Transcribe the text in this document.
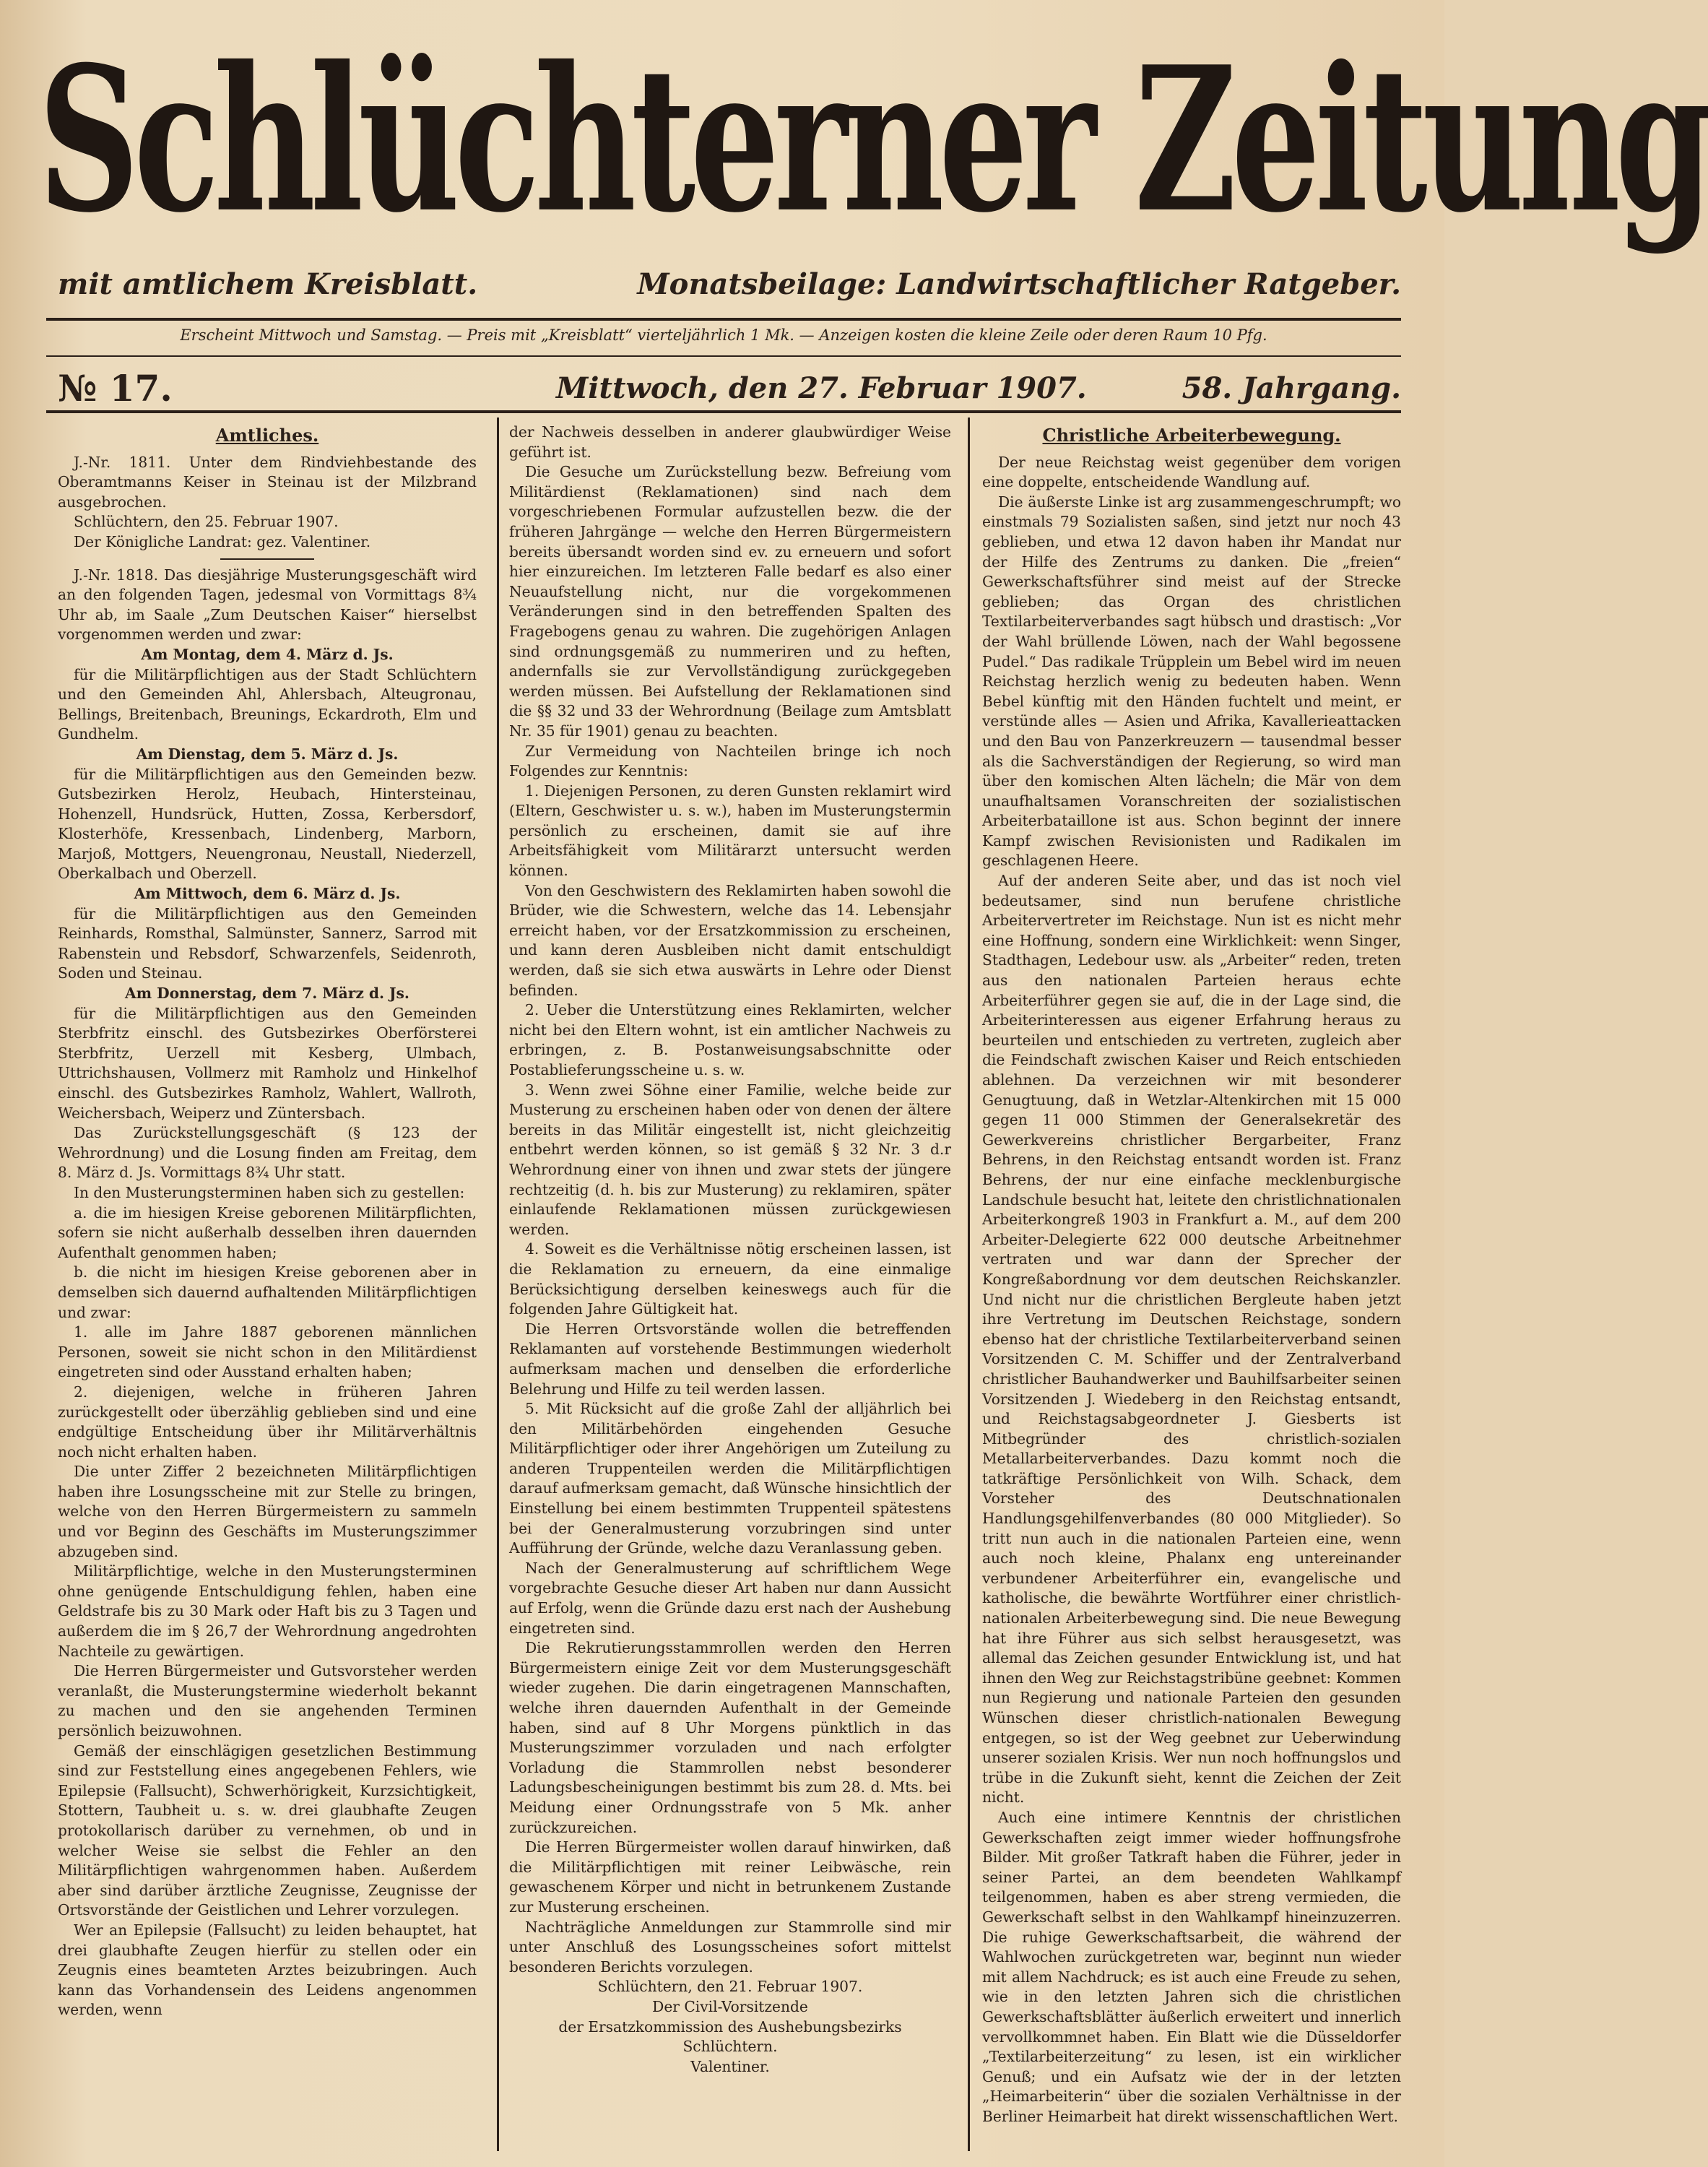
Schlüchterner Zeitung
mit amtlichem Kreisblatt.	Monatsbeilage: Landwirtschaftlicher Ratgeber.
Erscheint Mittwoch und Samstag. — Preis mit „Kreisblatt“ vierteljährlich 1 Mk. — Anzeigen kosten die kleine Zeile oder deren Raum 10 Pfg.
№ 17.	Mittwoch, den 27. Februar 1907.	58. Jahrgang.
Amtliches.

J.-Nr. 1811. Unter dem Rindviehbestande des Oberamtmanns Keiser in Steinau ist der Milzbrand ausgebrochen.

Schlüchtern, den 25. Februar 1907.

Der Königliche Landrat: gez. Valentiner.

J.-Nr. 1818. Das diesjährige Musterungsgeschäft wird an den folgenden Tagen, jedesmal von Vormittags 8¾ Uhr ab, im Saale „Zum Deutschen Kaiser“ hierselbst vorgenommen werden und zwar:

Am Montag, dem 4. März d. Js.

für die Militärpflichtigen aus der Stadt Schlüchtern und den Gemeinden Ahl, Ahlersbach, Alteugronau, Bellings, Breitenbach, Breunings, Eckardroth, Elm und Gundhelm.

Am Dienstag, dem 5. März d. Js.

für die Militärpflichtigen aus den Gemeinden bezw. Gutsbezirken Herolz, Heubach, Hintersteinau, Hohenzell, Hundsrück, Hutten, Zossa, Kerbersdorf, Klosterhöfe, Kressenbach, Lindenberg, Marborn, Marjoß, Mottgers, Neuengronau, Neustall, Niederzell, Oberkalbach und Oberzell.

Am Mittwoch, dem 6. März d. Js.

für die Militärpflichtigen aus den Gemeinden Reinhards, Romsthal, Salmünster, Sannerz, Sarrod mit Rabenstein und Rebsdorf, Schwarzenfels, Seidenroth, Soden und Steinau.

Am Donnerstag, dem 7. März d. Js.

für die Militärpflichtigen aus den Gemeinden Sterbfritz einschl. des Gutsbezirkes Oberförsterei Sterbfritz, Uerzell mit Kesberg, Ulmbach, Uttrichshausen, Vollmerz mit Ramholz und Hinkelhof einschl. des Gutsbezirkes Ramholz, Wahlert, Wallroth, Weichersbach, Weiperz und Züntersbach.

Das Zurückstellungsgeschäft (§ 123 der Wehrordnung) und die Losung finden am Freitag, dem 8. März d. Js. Vormittags 8¾ Uhr statt.

In den Musterungsterminen haben sich zu gestellen:

a. die im hiesigen Kreise geborenen Militärpflichten, sofern sie nicht außerhalb desselben ihren dauernden Aufenthalt genommen haben;

b. die nicht im hiesigen Kreise geborenen aber in demselben sich dauernd aufhaltenden Militärpflichtigen und zwar:

1. alle im Jahre 1887 geborenen männlichen Personen, soweit sie nicht schon in den Militärdienst eingetreten sind oder Ausstand erhalten haben;

2. diejenigen, welche in früheren Jahren zurückgestellt oder überzählig geblieben sind und eine endgültige Entscheidung über ihr Militärverhältnis noch nicht erhalten haben.

Die unter Ziffer 2 bezeichneten Militärpflichtigen haben ihre Losungsscheine mit zur Stelle zu bringen, welche von den Herren Bürgermeistern zu sammeln und vor Beginn des Geschäfts im Musterungszimmer abzugeben sind.

Militärpflichtige, welche in den Musterungsterminen ohne genügende Entschuldigung fehlen, haben eine Geldstrafe bis zu 30 Mark oder Haft bis zu 3 Tagen und außerdem die im § 26,7 der Wehrordnung angedrohten Nachteile zu gewärtigen.

Die Herren Bürgermeister und Gutsvorsteher werden veranlaßt, die Musterungstermine wiederholt bekannt zu machen und den sie angehenden Terminen persönlich beizuwohnen.

Gemäß der einschlägigen gesetzlichen Bestimmung sind zur Feststellung eines angegebenen Fehlers, wie Epilepsie (Fallsucht), Schwerhörigkeit, Kurzsichtigkeit, Stottern, Taubheit u. s. w. drei glaubhafte Zeugen protokollarisch darüber zu vernehmen, ob und in welcher Weise sie selbst die Fehler an den Militärpflichtigen wahrgenommen haben. Außerdem aber sind darüber ärztliche Zeugnisse, Zeugnisse der Ortsvorstände der Geistlichen und Lehrer vorzulegen.

Wer an Epilepsie (Fallsucht) zu leiden behauptet, hat drei glaubhafte Zeugen hierfür zu stellen oder ein Zeugnis eines beamteten Arztes beizubringen. Auch kann das Vorhandensein des Leidens angenommen werden, wenn

der Nachweis desselben in anderer glaubwürdiger Weise geführt ist.

Die Gesuche um Zurückstellung bezw. Befreiung vom Militärdienst (Reklamationen) sind nach dem vorgeschriebenen Formular aufzustellen bezw. die der früheren Jahrgänge — welche den Herren Bürgermeistern bereits übersandt worden sind ev. zu erneuern und sofort hier einzureichen. Im letzteren Falle bedarf es also einer Neuaufstellung nicht, nur die vorgekommenen Veränderungen sind in den betreffenden Spalten des Fragebogens genau zu wahren. Die zugehörigen Anlagen sind ordnungsgemäß zu nummeriren und zu heften, andernfalls sie zur Vervollständigung zurückgegeben werden müssen. Bei Aufstellung der Reklamationen sind die §§ 32 und 33 der Wehrordnung (Beilage zum Amtsblatt Nr. 35 für 1901) genau zu beachten.

Zur Vermeidung von Nachteilen bringe ich noch Folgendes zur Kenntnis:

1. Diejenigen Personen, zu deren Gunsten reklamirt wird (Eltern, Geschwister u. s. w.), haben im Musterungstermin persönlich zu erscheinen, damit sie auf ihre Arbeitsfähigkeit vom Militärarzt untersucht werden können.

Von den Geschwistern des Reklamirten haben sowohl die Brüder, wie die Schwestern, welche das 14. Lebensjahr erreicht haben, vor der Ersatzkommission zu erscheinen, und kann deren Ausbleiben nicht damit entschuldigt werden, daß sie sich etwa auswärts in Lehre oder Dienst befinden.

2. Ueber die Unterstützung eines Reklamirten, welcher nicht bei den Eltern wohnt, ist ein amtlicher Nachweis zu erbringen, z. B. Postanweisungsabschnitte oder Postablieferungsscheine u. s. w.

3. Wenn zwei Söhne einer Familie, welche beide zur Musterung zu erscheinen haben oder von denen der ältere bereits in das Militär eingestellt ist, nicht gleichzeitig entbehrt werden können, so ist gemäß § 32 Nr. 3 d.r Wehrordnung einer von ihnen und zwar stets der jüngere rechtzeitig (d. h. bis zur Musterung) zu reklamiren, später einlaufende Reklamationen müssen zurückgewiesen werden.

4. Soweit es die Verhältnisse nötig erscheinen lassen, ist die Reklamation zu erneuern, da eine einmalige Berücksichtigung derselben keineswegs auch für die folgenden Jahre Gültigkeit hat.

Die Herren Ortsvorstände wollen die betreffenden Reklamanten auf vorstehende Bestimmungen wiederholt aufmerksam machen und denselben die erforderliche Belehrung und Hilfe zu teil werden lassen.

5. Mit Rücksicht auf die große Zahl der alljährlich bei den Militärbehörden eingehenden Gesuche Militärpflichtiger oder ihrer Angehörigen um Zuteilung zu anderen Truppenteilen werden die Militärpflichtigen darauf aufmerksam gemacht, daß Wünsche hinsichtlich der Einstellung bei einem bestimmten Truppenteil spätestens bei der Generalmusterung vorzubringen sind unter Aufführung der Gründe, welche dazu Veranlassung geben.

Nach der Generalmusterung auf schriftlichem Wege vorgebrachte Gesuche dieser Art haben nur dann Aussicht auf Erfolg, wenn die Gründe dazu erst nach der Aushebung eingetreten sind.

Die Rekrutierungsstammrollen werden den Herren Bürgermeistern einige Zeit vor dem Musterungsgeschäft wieder zugehen. Die darin eingetragenen Mannschaften, welche ihren dauernden Aufenthalt in der Gemeinde haben, sind auf 8 Uhr Morgens pünktlich in das Musterungszimmer vorzuladen und nach erfolgter Vorladung die Stammrollen nebst besonderer Ladungsbescheinigungen bestimmt bis zum 28. d. Mts. bei Meidung einer Ordnungsstrafe von 5 Mk. anher zurückzureichen.

Die Herren Bürgermeister wollen darauf hinwirken, daß die Militärpflichtigen mit reiner Leibwäsche, rein gewaschenem Körper und nicht in betrunkenem Zustande zur Musterung erscheinen.

Nachträgliche Anmeldungen zur Stammrolle sind mir unter Anschluß des Losungsscheines sofort mittelst besonderen Berichts vorzulegen.

Schlüchtern, den 21. Februar 1907.

Der Civil-Vorsitzende

der Ersatzkommission des Aushebungsbezirks Schlüchtern.

Valentiner.

Christliche Arbeiterbewegung.

Der neue Reichstag weist gegenüber dem vorigen eine doppelte, entscheidende Wandlung auf.

Die äußerste Linke ist arg zusammengeschrumpft; wo einstmals 79 Sozialisten saßen, sind jetzt nur noch 43 geblieben, und etwa 12 davon haben ihr Mandat nur der Hilfe des Zentrums zu danken. Die „freien“ Gewerkschaftsführer sind meist auf der Strecke geblieben; das Organ des christlichen Textilarbeiterverbandes sagt hübsch und drastisch: „Vor der Wahl brüllende Löwen, nach der Wahl begossene Pudel.“ Das radikale Trüpplein um Bebel wird im neuen Reichstag herzlich wenig zu bedeuten haben. Wenn Bebel künftig mit den Händen fuchtelt und meint, er verstünde alles — Asien und Afrika, Kavallerieattacken und den Bau von Panzerkreuzern — tausendmal besser als die Sachverständigen der Regierung, so wird man über den komischen Alten lächeln; die Mär von dem unaufhaltsamen Voranschreiten der sozialistischen Arbeiterbataillone ist aus. Schon beginnt der innere Kampf zwischen Revisionisten und Radikalen im geschlagenen Heere.

Auf der anderen Seite aber, und das ist noch viel bedeutsamer, sind nun berufene christliche Arbeitervertreter im Reichstage. Nun ist es nicht mehr eine Hoffnung, sondern eine Wirklichkeit: wenn Singer, Stadthagen, Ledebour usw. als „Arbeiter“ reden, treten aus den nationalen Parteien heraus echte Arbeiterführer gegen sie auf, die in der Lage sind, die Arbeiterinteressen aus eigener Erfahrung heraus zu beurteilen und entschieden zu vertreten, zugleich aber die Feindschaft zwischen Kaiser und Reich entschieden ablehnen. Da verzeichnen wir mit besonderer Genugtuung, daß in Wetzlar-Altenkirchen mit 15 000 gegen 11 000 Stimmen der Generalsekretär des Gewerkvereins christlicher Bergarbeiter, Franz Behrens, in den Reichstag entsandt worden ist. Franz Behrens, der nur eine einfache mecklenburgische Landschule besucht hat, leitete den christlichnationalen Arbeiterkongreß 1903 in Frankfurt a. M., auf dem 200 Arbeiter-Delegierte 622 000 deutsche Arbeitnehmer vertraten und war dann der Sprecher der Kongreßabordnung vor dem deutschen Reichskanzler. Und nicht nur die christlichen Bergleute haben jetzt ihre Vertretung im Deutschen Reichstage, sondern ebenso hat der christliche Textilarbeiterverband seinen Vorsitzenden C. M. Schiffer und der Zentralverband christlicher Bauhandwerker und Bauhilfsarbeiter seinen Vorsitzenden J. Wiedeberg in den Reichstag entsandt, und Reichstagsabgeordneter J. Giesberts ist Mitbegründer des christlich-sozialen Metallarbeiterverbandes. Dazu kommt noch die tatkräftige Persönlichkeit von Wilh. Schack, dem Vorsteher des Deutschnationalen Handlungsgehilfenverbandes (80 000 Mitglieder). So tritt nun auch in die nationalen Parteien eine, wenn auch noch kleine, Phalanx eng untereinander verbundener Arbeiterführer ein, evangelische und katholische, die bewährte Wortführer einer christlich-nationalen Arbeiterbewegung sind. Die neue Bewegung hat ihre Führer aus sich selbst herausgesetzt, was allemal das Zeichen gesunder Entwicklung ist, und hat ihnen den Weg zur Reichstagstribüne geebnet: Kommen nun Regierung und nationale Parteien den gesunden Wünschen dieser christlich-nationalen Bewegung entgegen, so ist der Weg geebnet zur Ueberwindung unserer sozialen Krisis. Wer nun noch hoffnungslos und trübe in die Zukunft sieht, kennt die Zeichen der Zeit nicht.

Auch eine intimere Kenntnis der christlichen Gewerkschaften zeigt immer wieder hoffnungsfrohe Bilder. Mit großer Tatkraft haben die Führer, jeder in seiner Partei, an dem beendeten Wahlkampf teilgenommen, haben es aber streng vermieden, die Gewerkschaft selbst in den Wahlkampf hineinzuzerren. Die ruhige Gewerkschaftsarbeit, die während der Wahlwochen zurückgetreten war, beginnt nun wieder mit allem Nachdruck; es ist auch eine Freude zu sehen, wie in den letzten Jahren sich die christlichen Gewerkschaftsblätter äußerlich erweitert und innerlich vervollkommnet haben. Ein Blatt wie die Düsseldorfer „Textilarbeiterzeitung“ zu lesen, ist ein wirklicher Genuß; und ein Aufsatz wie der in der letzten „Heimarbeiterin“ über die sozialen Verhältnisse in der Berliner Heimarbeit hat direkt wissenschaftlichen Wert.
